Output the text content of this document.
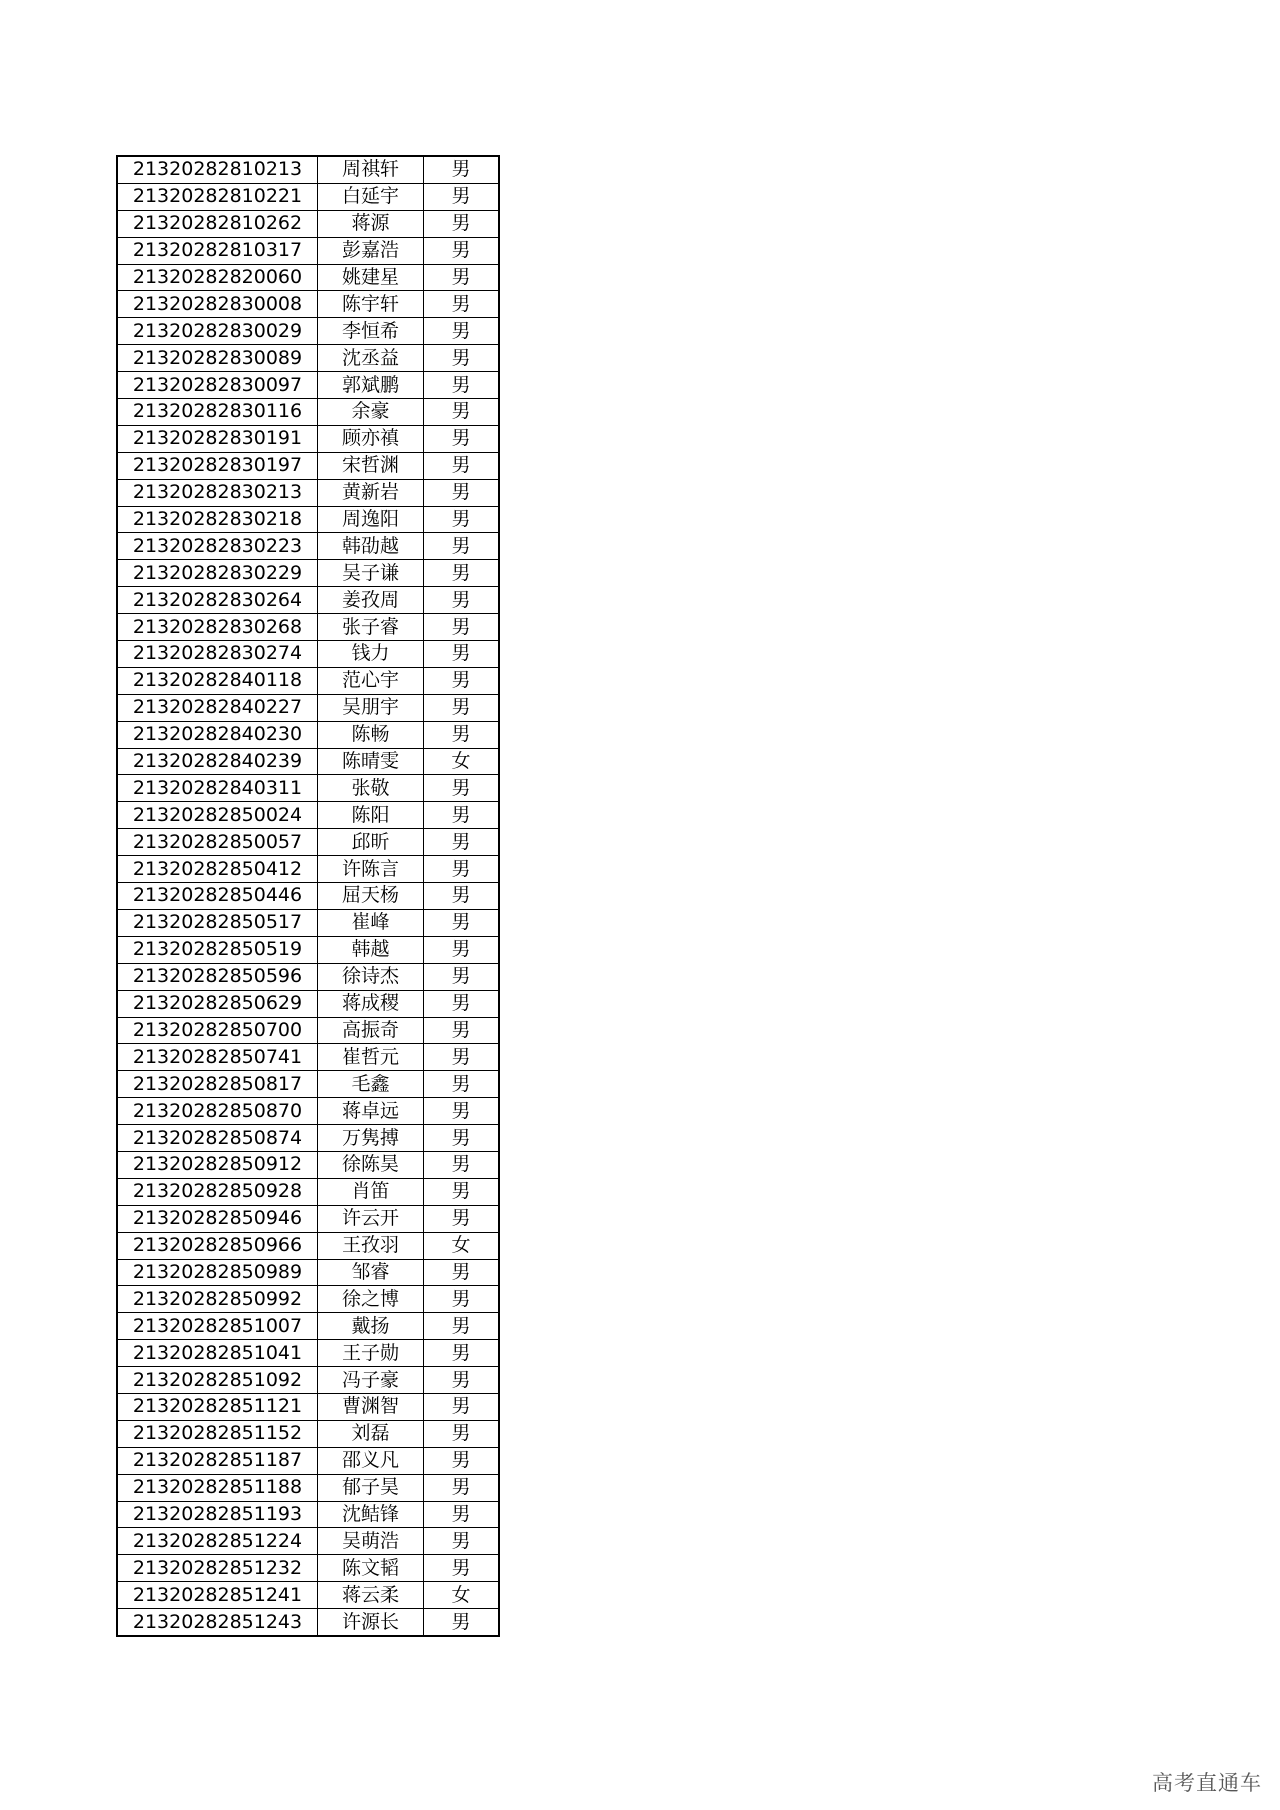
21320282810213	周祺轩	男
21320282810221	白延宇	男
21320282810262	蒋源	男
21320282810317	彭嘉浩	男
21320282820060	姚建星	男
21320282830008	陈宇轩	男
21320282830029	李恒希	男
21320282830089	沈丞益	男
21320282830097	郭斌鹏	男
21320282830116	余豪	男
21320282830191	顾亦禛	男
21320282830197	宋哲渊	男
21320282830213	黄新岩	男
21320282830218	周逸阳	男
21320282830223	韩劭越	男
21320282830229	吴子谦	男
21320282830264	姜孜周	男
21320282830268	张子睿	男
21320282830274	钱力	男
21320282840118	范心宇	男
21320282840227	吴朋宇	男
21320282840230	陈畅	男
21320282840239	陈晴雯	女
21320282840311	张敬	男
21320282850024	陈阳	男
21320282850057	邱昕	男
21320282850412	许陈言	男
21320282850446	屈天杨	男
21320282850517	崔峰	男
21320282850519	韩越	男
21320282850596	徐诗杰	男
21320282850629	蒋成稷	男
21320282850700	高振奇	男
21320282850741	崔哲元	男
21320282850817	毛鑫	男
21320282850870	蒋卓远	男
21320282850874	万隽搏	男
21320282850912	徐陈昊	男
21320282850928	肖笛	男
21320282850946	许云开	男
21320282850966	王孜羽	女
21320282850989	邹睿	男
21320282850992	徐之博	男
21320282851007	戴扬	男
21320282851041	王子勋	男
21320282851092	冯子豪	男
21320282851121	曹渊智	男
21320282851152	刘磊	男
21320282851187	邵义凡	男
21320282851188	郁子昊	男
21320282851193	沈鲒锋	男
21320282851224	吴萌浩	男
21320282851232	陈文韬	男
21320282851241	蒋云柔	女
21320282851243	许源长	男
高考直通车
